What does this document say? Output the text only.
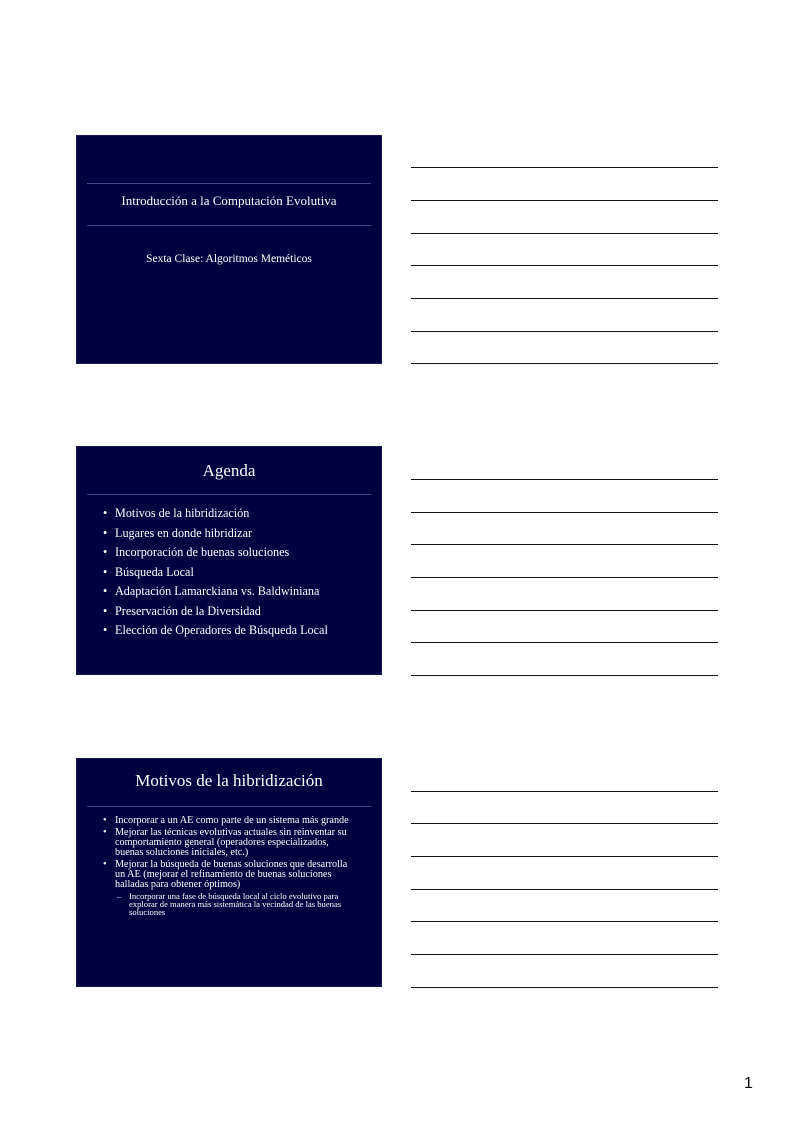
Introducción a la Computación Evolutiva
Sexta Clase: Algoritmos Meméticos
Agenda
• Motivos de la hibridización
• Lugares en donde hibridizar
• Incorporación de buenas soluciones
• Búsqueda Local
• Adaptación Lamarckiana vs. Baldwiniana
• Preservación de la Diversidad
• Elección de Operadores de Búsqueda Local
Motivos de la hibridización
• Incorporar a un AE como parte de un sistema más grande
• Mejorar las técnicas evolutivas actuales sin reinventar su comportamiento general (operadores especializados, buenas soluciones iniciales, etc.)
• Mejorar la búsqueda de buenas soluciones que desarrolla un AE (mejorar el refinamiento de buenas soluciones halladas para obtener óptimos)
– Incorporar una fase de búsqueda local al ciclo evolutivo para explorar de manera más sistemática la vecindad de las buenas soluciones
1
